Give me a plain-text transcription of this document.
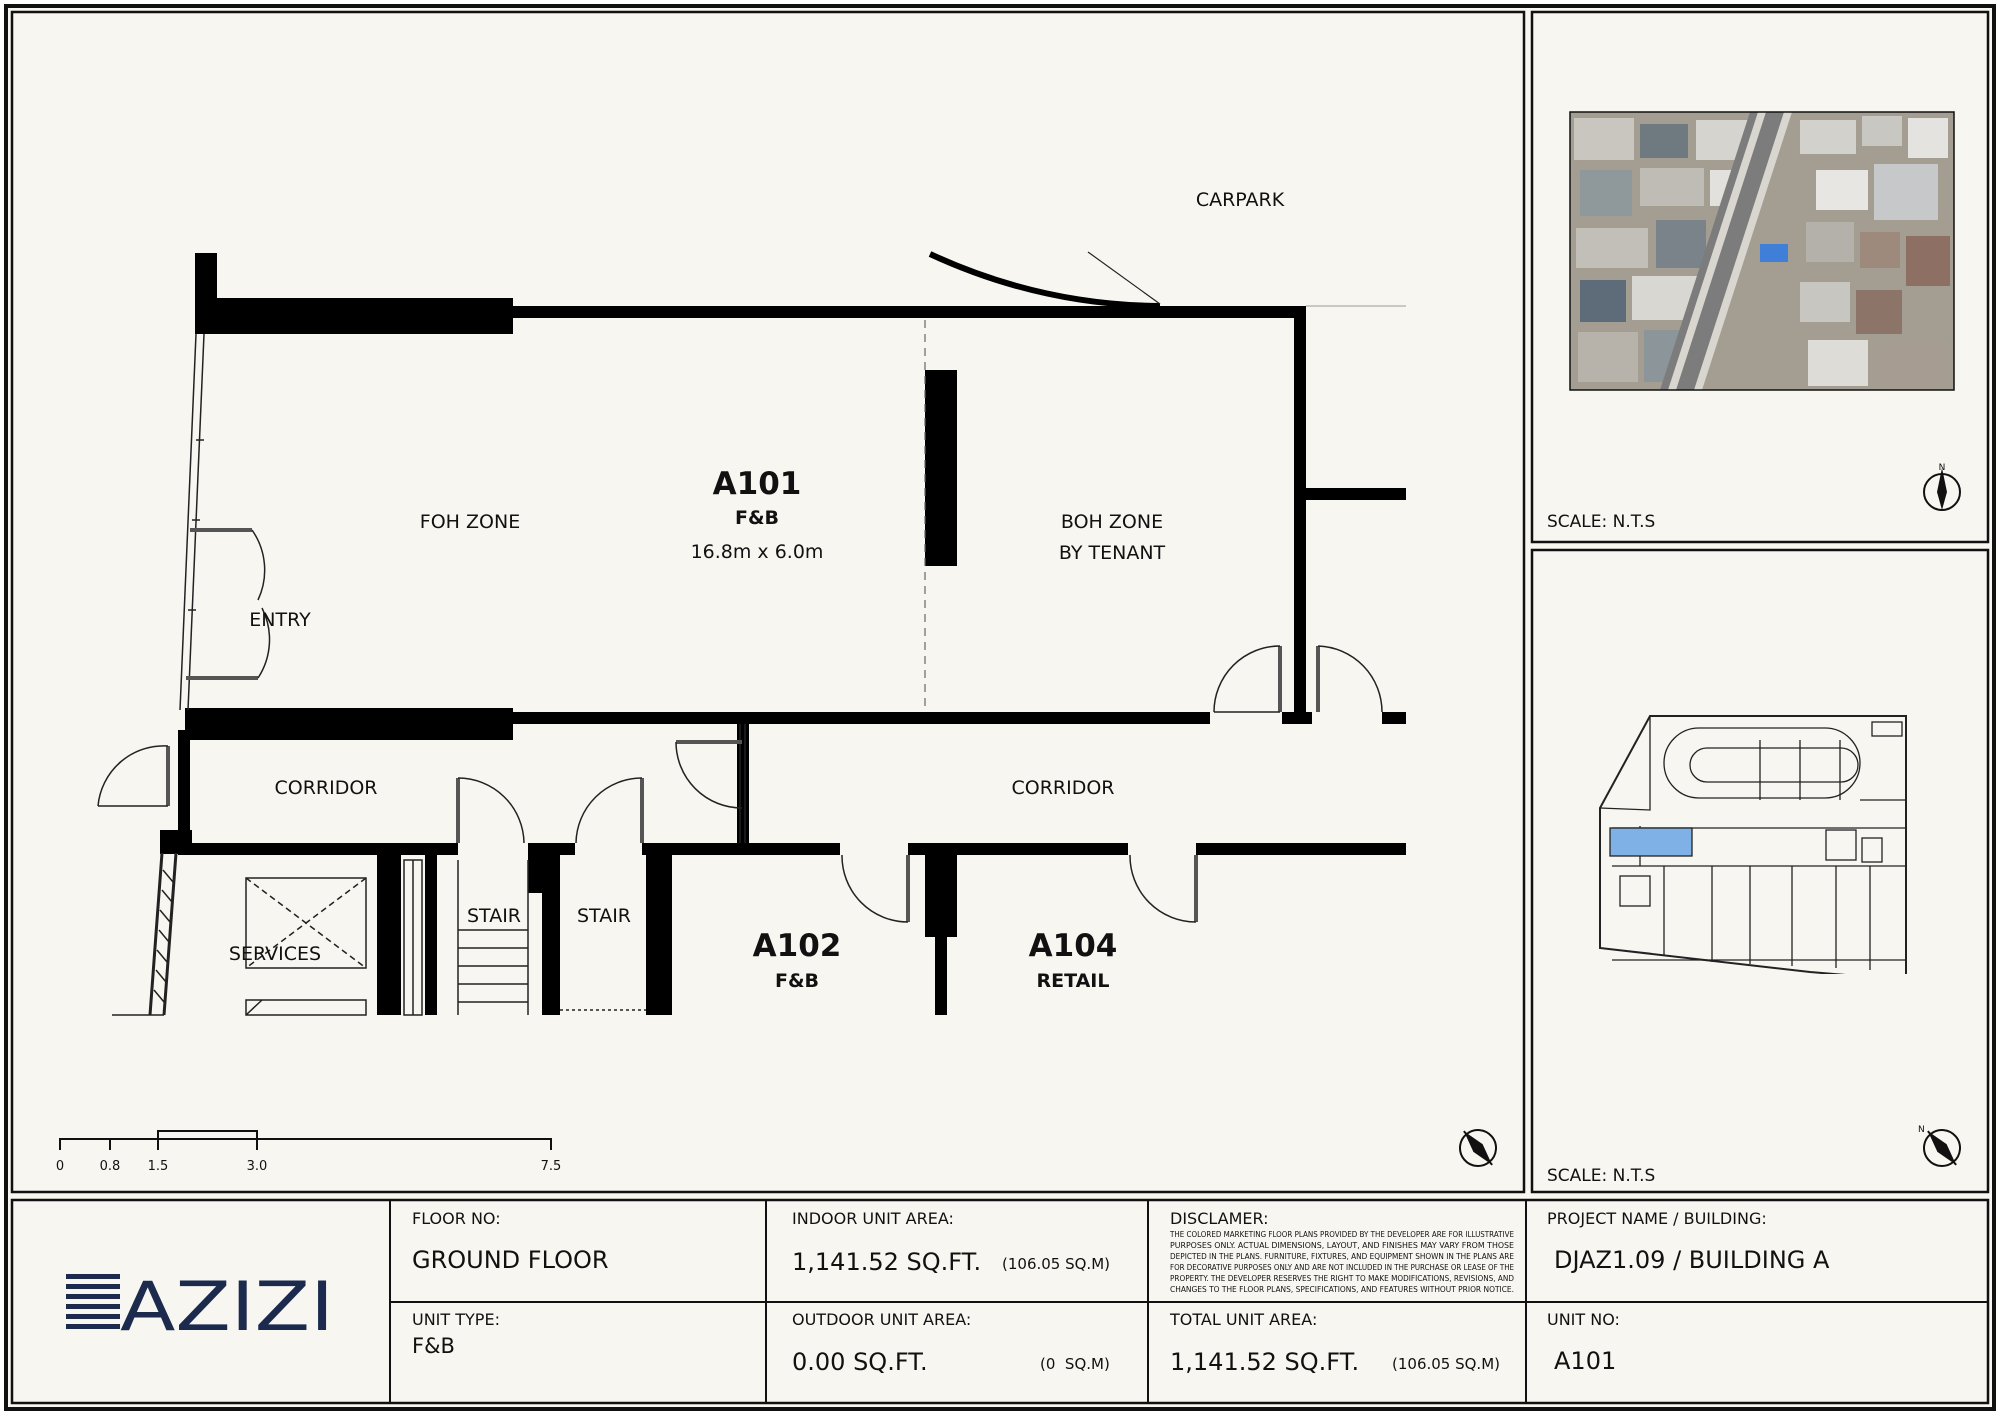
CARPARK
FOH ZONE
A101
F&B
16.8m x 6.0m
BOH ZONE
BY TENANT
ENTRY
CORRIDOR	CORRIDOR
STAIR	STAIR
SERVICES	A102
F&B
A104
RETAIL
0	0.8 1.5	3.0	7.5
SCALE: N.T.S
N
SCALE: N.T.S
N
AZIZI
FLOOR NO:
GROUND FLOOR
UNIT TYPE:
F&B
INDOOR UNIT AREA:
1,141.52 SQ.FT. (106.05 SQ.M)
OUTDOOR UNIT AREA:
0.00 SQ.FT.	(0  SQ.M)
DISCLAMER:
THE COLORED MARKETING FLOOR PLANS PROVIDED BY THE DEVELOPER ARE FOR ILLUSTRATIVE
PURPOSES ONLY. ACTUAL DIMENSIONS, LAYOUT, AND FINISHES MAY VARY FROM THOSE
DEPICTED IN THE PLANS. FURNITURE, FIXTURES, AND EQUIPMENT SHOWN IN THE PLANS ARE
FOR DECORATIVE PURPOSES ONLY AND ARE NOT INCLUDED IN THE PURCHASE OR LEASE OF THE
PROPERTY. THE DEVELOPER RESERVES THE RIGHT TO MAKE MODIFICATIONS, REVISIONS, AND
CHANGES TO THE FLOOR PLANS, SPECIFICATIONS, AND FEATURES WITHOUT PRIOR NOTICE.
TOTAL UNIT AREA:
1,141.52 SQ.FT. (106.05 SQ.M)
PROJECT NAME / BUILDING:
DJAZ1.09 / BUILDING A
UNIT NO:
A101
